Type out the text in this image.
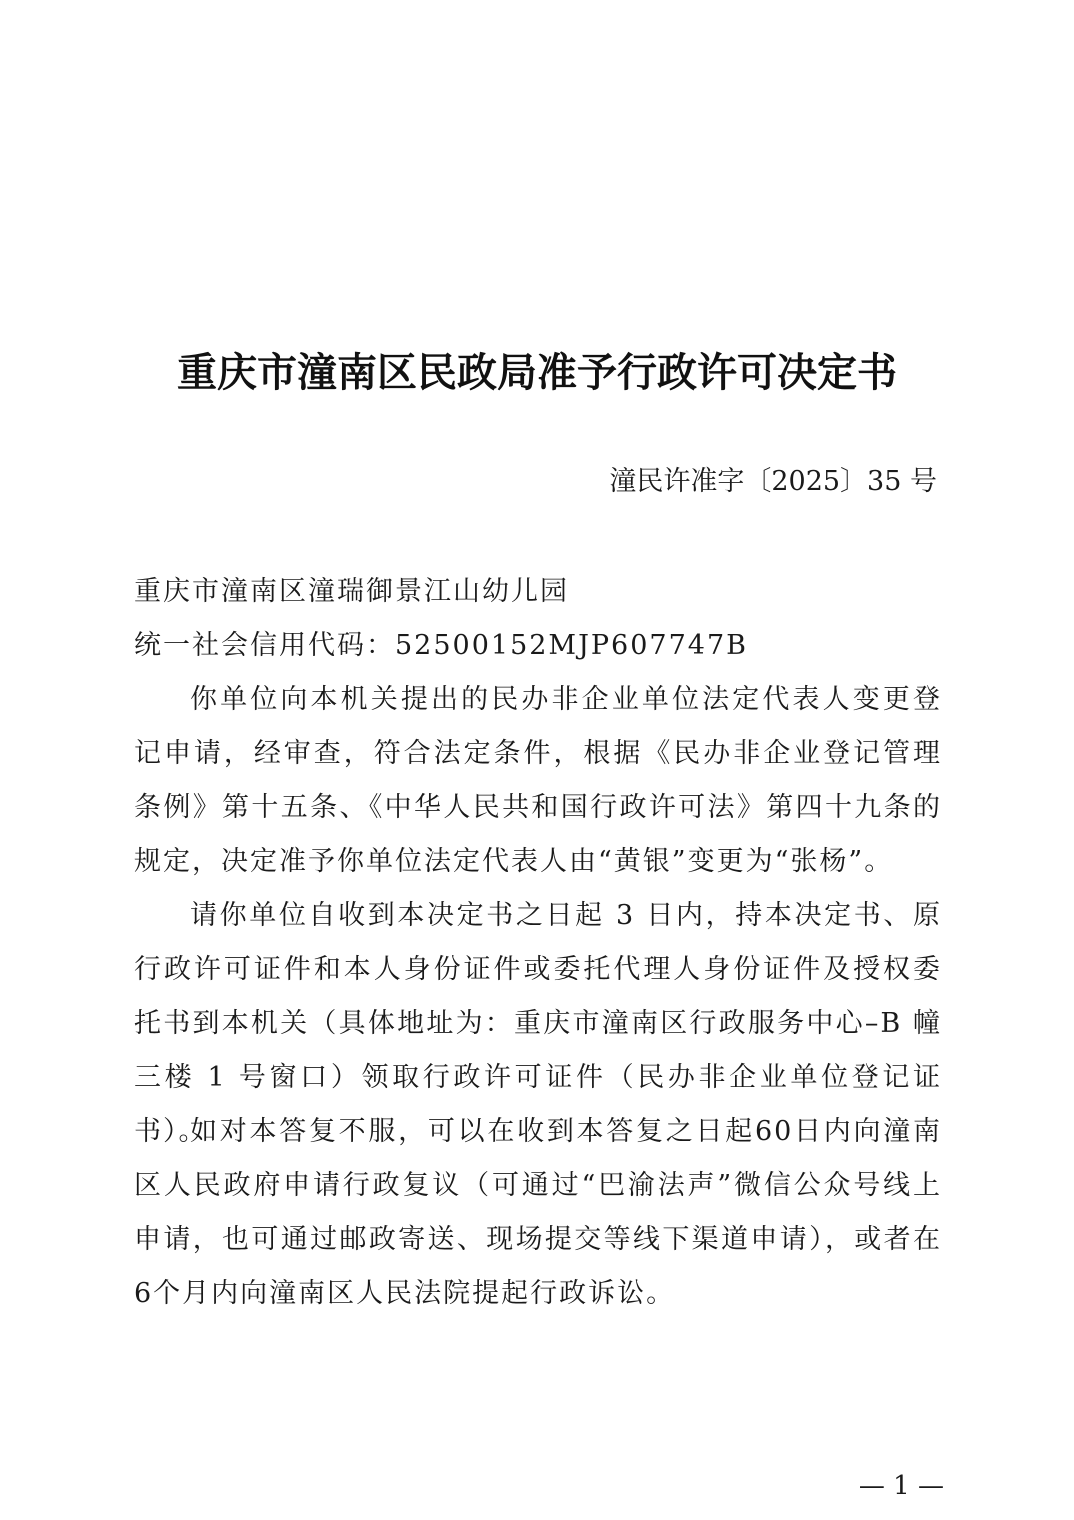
重庆市潼南区民政局准予行政许可决定书
潼民许准字〔2025〕35 号
重庆市潼南区潼瑞御景江山幼儿园
统一社会信用代码：52500152MJP607747B

你单位向本机关提出的民办非企业单位法定代表人变更登记申请，经审查，符合法定条件，根据《民办非企业登记管理条例》第十五条、《中华人民共和国行政许可法》第四十九条的规定，决定准予你单位法定代表人由“黄银”变更为“张杨”。

请你单位自收到本决定书之日起 3 日内，持本决定书、原行政许可证件和本人身份证件或委托代理人身份证件及授权委托书到本机关（具体地址为：重庆市潼南区行政服务中心–B 幢三楼 1 号窗口）领取行政许可证件（民办非企业单位登记证书）。

如对本答复不服，可以在收到本答复之日起60日内向潼南区人民政府申请行政复议（可通过“巴渝法声”微信公众号线上申请，也可通过邮政寄送、现场提交等线下渠道申请），或者在6个月内向潼南区人民法院提起行政诉讼。

— 1 —
